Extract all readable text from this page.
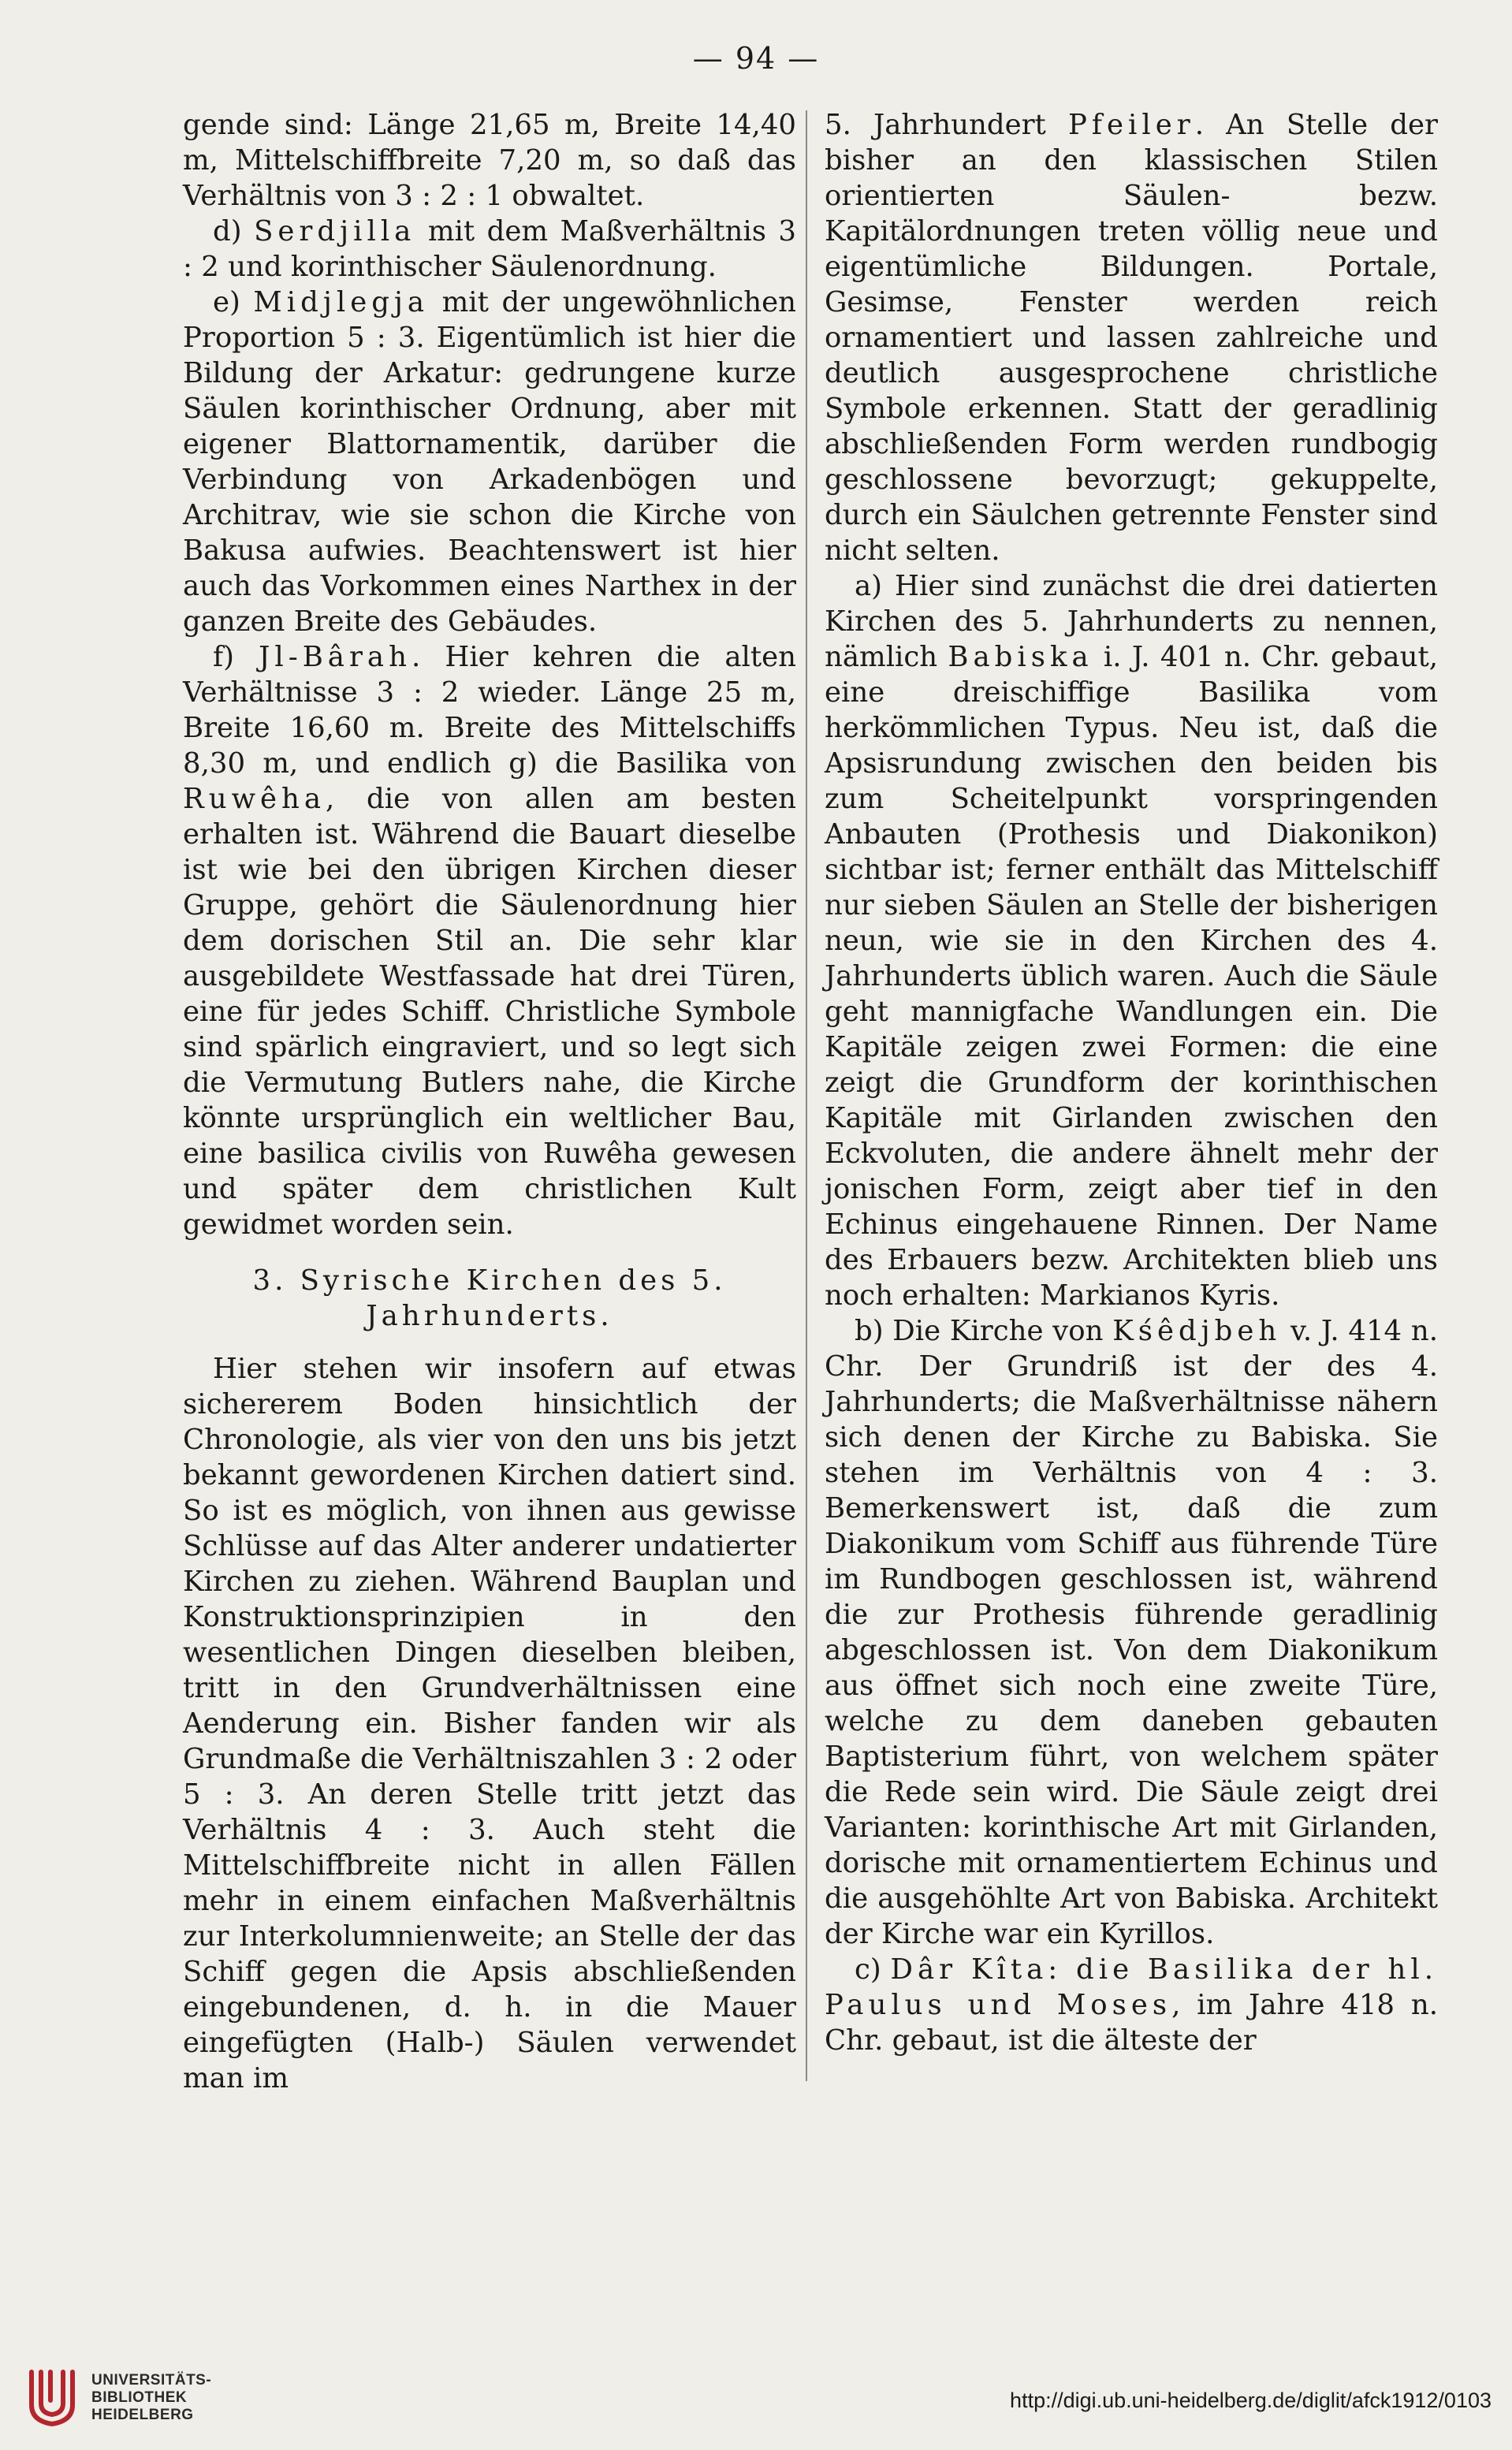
— 94 —

gende sind: Länge 21,65 m, Breite 14,40 m, Mittelschiffbreite 7,20 m, so daß das Verhältnis von 3 : 2 : 1 obwaltet.

d) Serdjilla mit dem Maßverhältnis 3 : 2 und korinthischer Säulenordnung.

e) Midjlegja mit der ungewöhnlichen Proportion 5 : 3. Eigentümlich ist hier die Bildung der Arkatur: gedrungene kurze Säulen korinthischer Ordnung, aber mit eigener Blattornamentik, darüber die Verbindung von Arkadenbögen und Architrav, wie sie schon die Kirche von Bakusa aufwies. Beachtenswert ist hier auch das Vorkommen eines Narthex in der ganzen Breite des Gebäudes.

f) Jl-Bârah. Hier kehren die alten Verhältnisse 3 : 2 wieder. Länge 25 m, Breite 16,60 m. Breite des Mittelschiffs 8,30 m, und endlich g) die Basilika von Ruwêha, die von allen am besten erhalten ist. Während die Bauart dieselbe ist wie bei den übrigen Kirchen dieser Gruppe, gehört die Säulenordnung hier dem dorischen Stil an. Die sehr klar ausgebildete Westfassade hat drei Türen, eine für jedes Schiff. Christliche Symbole sind spärlich eingraviert, und so legt sich die Vermutung Butlers nahe, die Kirche könnte ursprünglich ein weltlicher Bau, eine basilica civilis von Ruwêha gewesen und später dem christlichen Kult gewidmet worden sein.

3. Syrische Kirchen des 5. Jahrhunderts.

Hier stehen wir insofern auf etwas sichererem Boden hinsichtlich der Chronologie, als vier von den uns bis jetzt bekannt gewordenen Kirchen datiert sind. So ist es möglich, von ihnen aus gewisse Schlüsse auf das Alter anderer undatierter Kirchen zu ziehen. Während Bauplan und Konstruktionsprinzipien in den wesentlichen Dingen dieselben bleiben, tritt in den Grundverhältnissen eine Aenderung ein. Bisher fanden wir als Grundmaße die Verhältniszahlen 3 : 2 oder 5 : 3. An deren Stelle tritt jetzt das Verhältnis 4 : 3. Auch steht die Mittelschiffbreite nicht in allen Fällen mehr in einem einfachen Maßverhältnis zur Interkolumnienweite; an Stelle der das Schiff gegen die Apsis abschließenden eingebundenen, d. h. in die Mauer eingefügten (Halb-) Säulen verwendet man im

5. Jahrhundert Pfeiler. An Stelle der bisher an den klassischen Stilen orientierten Säulen- bezw. Kapitälordnungen treten völlig neue und eigentümliche Bildungen. Portale, Gesimse, Fenster werden reich ornamentiert und lassen zahlreiche und deutlich ausgesprochene christliche Symbole erkennen. Statt der geradlinig abschließenden Form werden rundbogig geschlossene bevorzugt; gekuppelte, durch ein Säulchen getrennte Fenster sind nicht selten.

a) Hier sind zunächst die drei datierten Kirchen des 5. Jahrhunderts zu nennen, nämlich Babiska i. J. 401 n. Chr. gebaut, eine dreischiffige Basilika vom herkömmlichen Typus. Neu ist, daß die Apsisrundung zwischen den beiden bis zum Scheitelpunkt vorspringenden Anbauten (Prothesis und Diakonikon) sichtbar ist; ferner enthält das Mittelschiff nur sieben Säulen an Stelle der bisherigen neun, wie sie in den Kirchen des 4. Jahrhunderts üblich waren. Auch die Säule geht mannigfache Wandlungen ein. Die Kapitäle zeigen zwei Formen: die eine zeigt die Grundform der korinthischen Kapitäle mit Girlanden zwischen den Eckvoluten, die andere ähnelt mehr der jonischen Form, zeigt aber tief in den Echinus eingehauene Rinnen. Der Name des Erbauers bezw. Architekten blieb uns noch erhalten: Markianos Kyris.

b) Die Kirche von Kśêdjbeh v. J. 414 n. Chr. Der Grundriß ist der des 4. Jahrhunderts; die Maßverhältnisse nähern sich denen der Kirche zu Babiska. Sie stehen im Verhältnis von 4 : 3. Bemerkenswert ist, daß die zum Diakonikum vom Schiff aus führende Türe im Rundbogen geschlossen ist, während die zur Prothesis führende geradlinig abgeschlossen ist. Von dem Diakonikum aus öffnet sich noch eine zweite Türe, welche zu dem daneben gebauten Baptisterium führt, von welchem später die Rede sein wird. Die Säule zeigt drei Varianten: korinthische Art mit Girlanden, dorische mit ornamentiertem Echinus und die ausgehöhlte Art von Babiska. Architekt der Kirche war ein Kyrillos.

c) Dâr Kîta: die Basilika der hl. Paulus und Moses, im Jahre 418 n. Chr. gebaut, ist die älteste der

UNIVERSITÄTS-
BIBLIOTHEK
HEIDELBERG
http://digi.ub.uni-heidelberg.de/diglit/afck1912/0103
